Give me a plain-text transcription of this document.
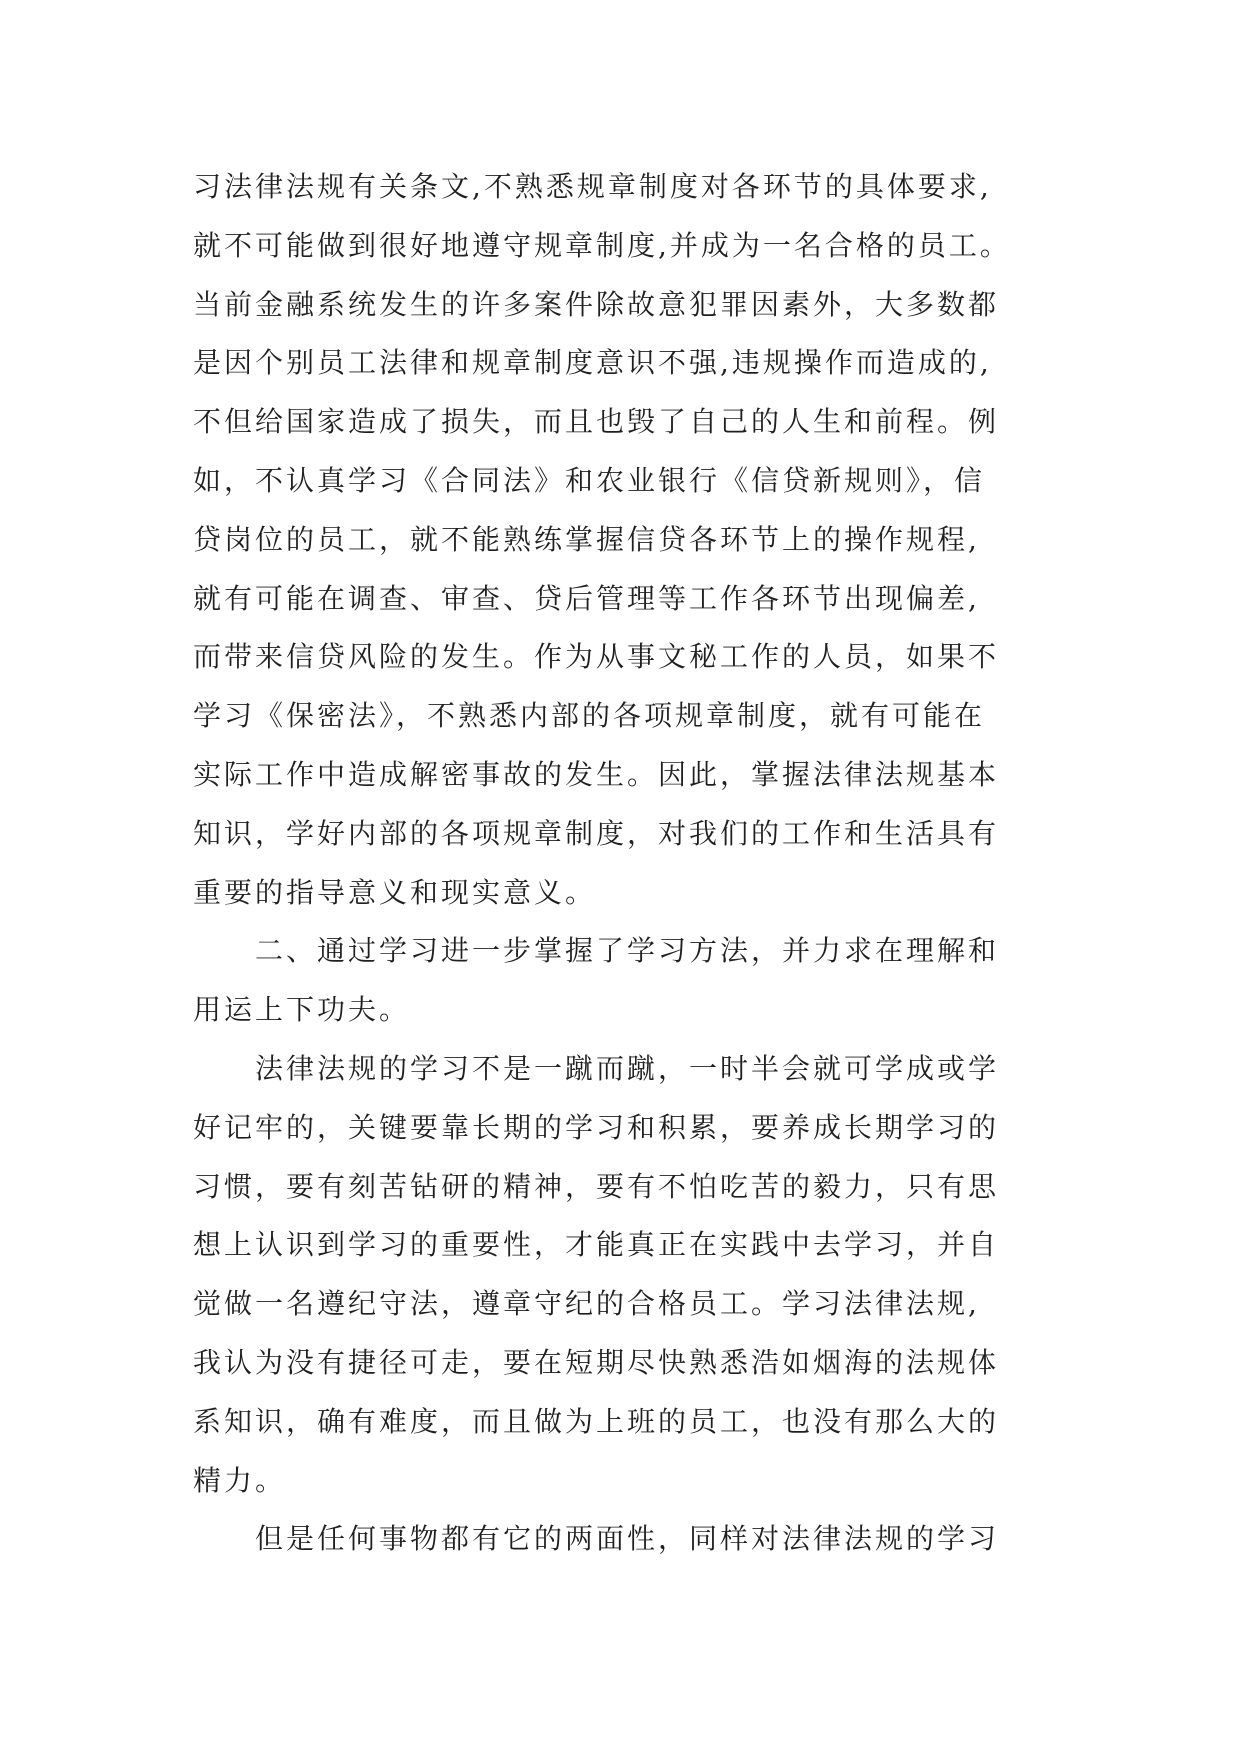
习法律法规有关条文,不熟悉规章制度对各环节的具体要求,
就不可能做到很好地遵守规章制度,并成为一名合格的员工。
当前金融系统发生的许多案件除故意犯罪因素外，大多数都
是因个别员工法律和规章制度意识不强,违规操作而造成的,
不但给国家造成了损失，而且也毁了自己的人生和前程。例
如，不认真学习《合同法》和农业银行《信贷新规则》，信
贷岗位的员工，就不能熟练掌握信贷各环节上的操作规程,
就有可能在调查、审查、贷后管理等工作各环节出现偏差,
而带来信贷风险的发生。作为从事文秘工作的人员，如果不
学习《保密法》，不熟悉内部的各项规章制度，就有可能在
实际工作中造成解密事故的发生。因此，掌握法律法规基本
知识，学好内部的各项规章制度，对我们的工作和生活具有
重要的指导意义和现实意义。
二、通过学习进一步掌握了学习方法，并力求在理解和
用运上下功夫。
法律法规的学习不是一蹴而蹴，一时半会就可学成或学
好记牢的，关键要靠长期的学习和积累，要养成长期学习的
习惯，要有刻苦钻研的精神，要有不怕吃苦的毅力，只有思
想上认识到学习的重要性，才能真正在实践中去学习，并自
觉做一名遵纪守法，遵章守纪的合格员工。学习法律法规,
我认为没有捷径可走，要在短期尽快熟悉浩如烟海的法规体
系知识，确有难度，而且做为上班的员工，也没有那么大的
精力。
但是任何事物都有它的两面性，同样对法律法规的学习
